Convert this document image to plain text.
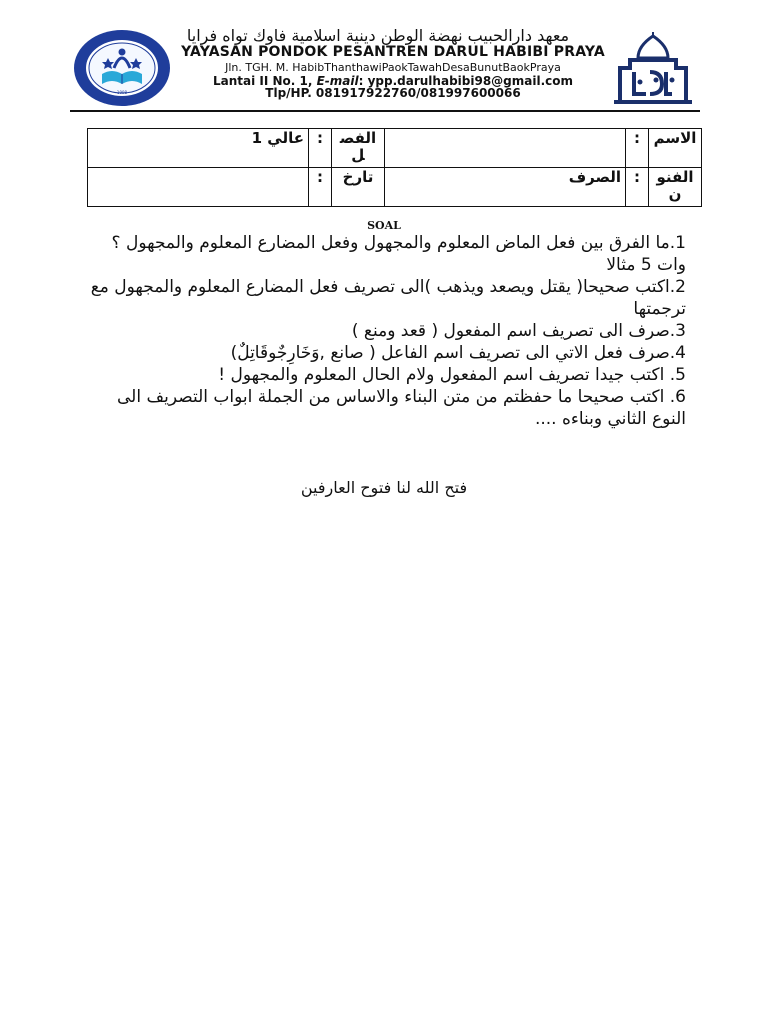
1998
معهد دارالحبيب نهضة الوطن دينية اسلامية فاوك تواه فرايا
YAYASAN PONDOK PESANTREN DARUL HABIBI PRAYA
Jln. TGH. M. HabibThanthawiPaokTawahDesaBunutBaokPraya
Lantai II No. 1, E-mail: ypp.darulhabibi98@gmail.com
Tlp/HP. 081917922760/081997600066
الاسم	:		الفصل	:	عالي 1
الفنون	:	الصرف	تارخ	:	
SOAL

1.ما الفرق بين فعل الماض المعلوم والمجهول وفعل المضارع المعلوم والمجهول ؟ وات 5 مثالا

2.اكتب صحيحا( يقتل ويصعد ويذهب )الى تصريف فعل المضارع المعلوم والمجهول مع ترجمتها

3.صرف الى تصريف اسم المفعول ( قعد ومنع )

4.صرف فعل الاتي الى تصريف اسم الفاعل ( صانع ,وَخَارِجٌوقَاتِلٌ)

5. اكتب جيدا تصريف اسم المفعول ولام الحال المعلوم والمجهول !

6. اكتب صحيحا ما حفظتم من متن البناء والاساس من الجملة ابواب التصريف الى النوع الثاني وبناءه ....

فتح الله لنا فتوح العارفين
